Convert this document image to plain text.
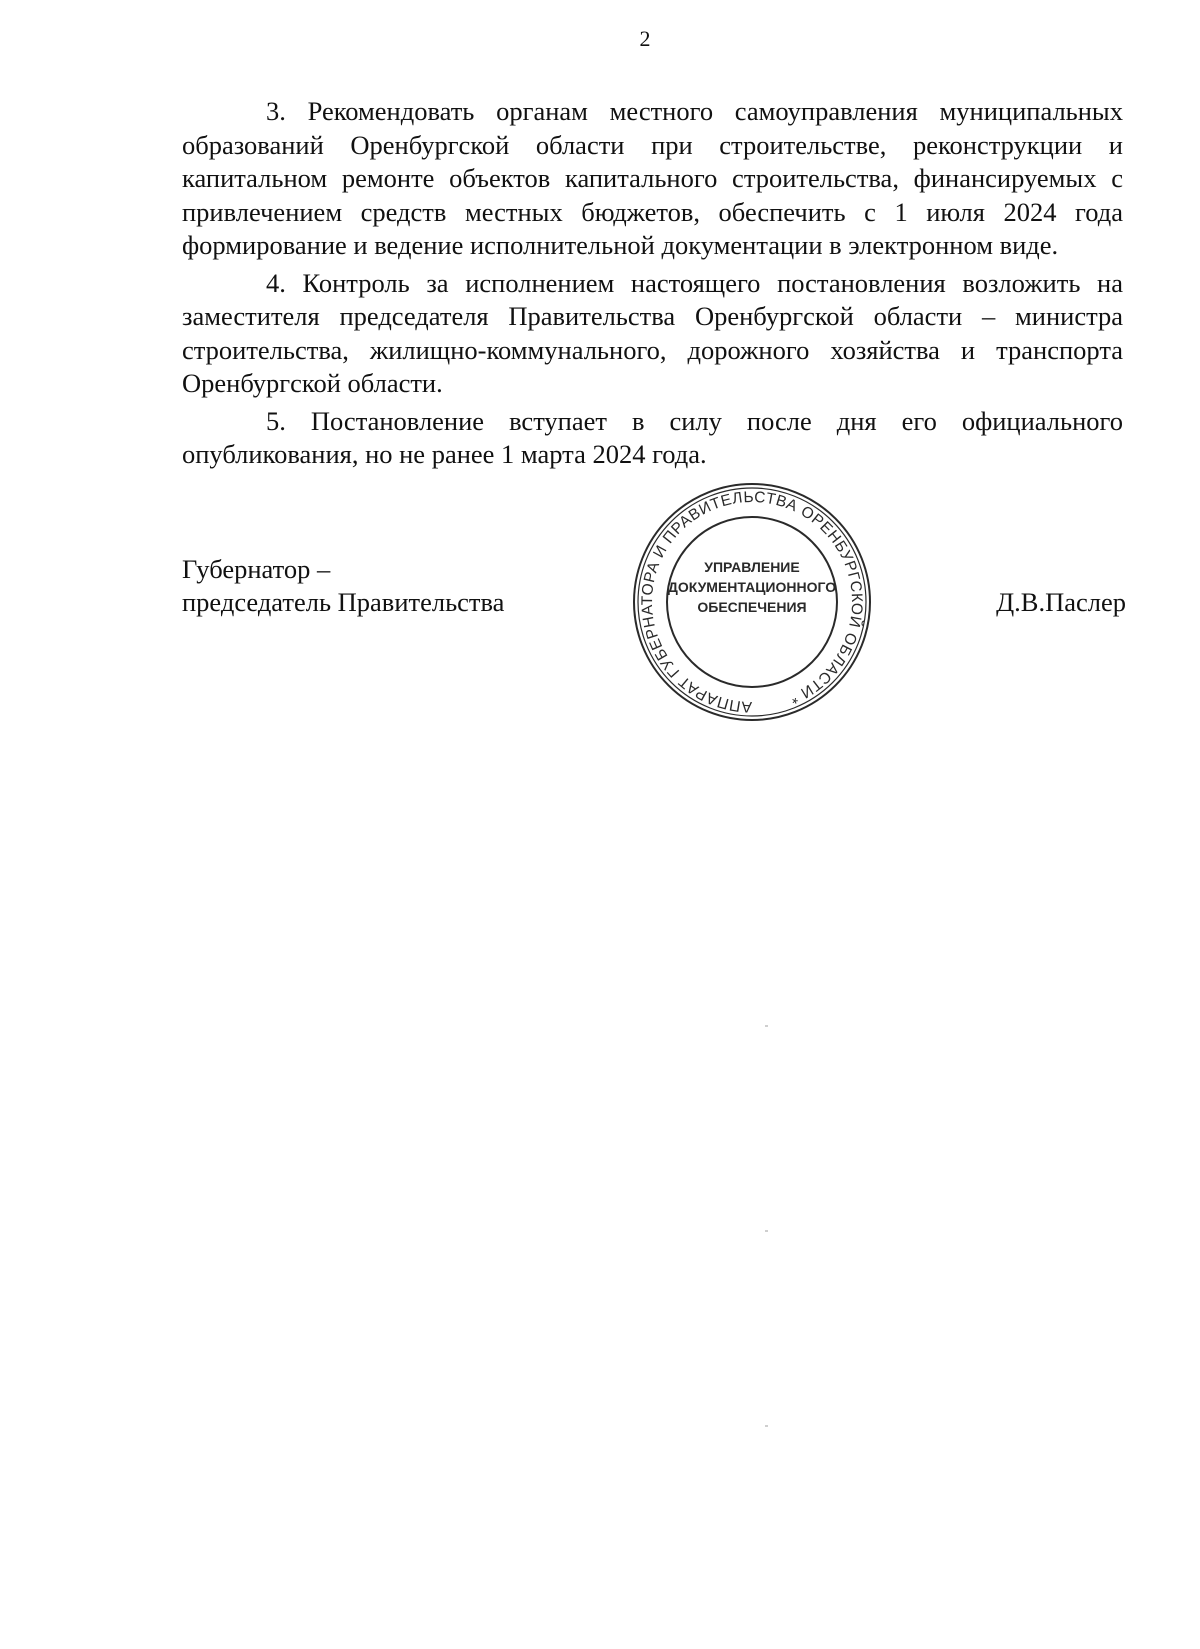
2

3. Рекомендовать органам местного самоуправления муниципальных образований Оренбургской области при строительстве, реконструкции и капитальном ремонте объектов капитального строительства, финансируемых с привлечением средств местных бюджетов, обеспечить с 1 июля 2024 года формирование и ведение исполнительной документации в электронном виде.

4. Контроль за исполнением настоящего постановления возложить на заместителя председателя Правительства Оренбургской области – министра строительства, жилищно-коммунального, дорожного хозяйства и транспорта Оренбургской области.

5. Постановление вступает в силу после дня его официального опубликования, но не ранее 1 марта 2024 года.

Губернатор –
председатель Правительства
АППАРАТ ГУБЕРНАТОРА И ПРАВИТЕЛЬСТВА ОРЕНБУРГСКОЙ ОБЛАСТИ *
УПРАВЛЕНИЕ
ДОКУМЕНТАЦИОННОГО
ОБЕСПЕЧЕНИЯ	Д.В.Паслер
